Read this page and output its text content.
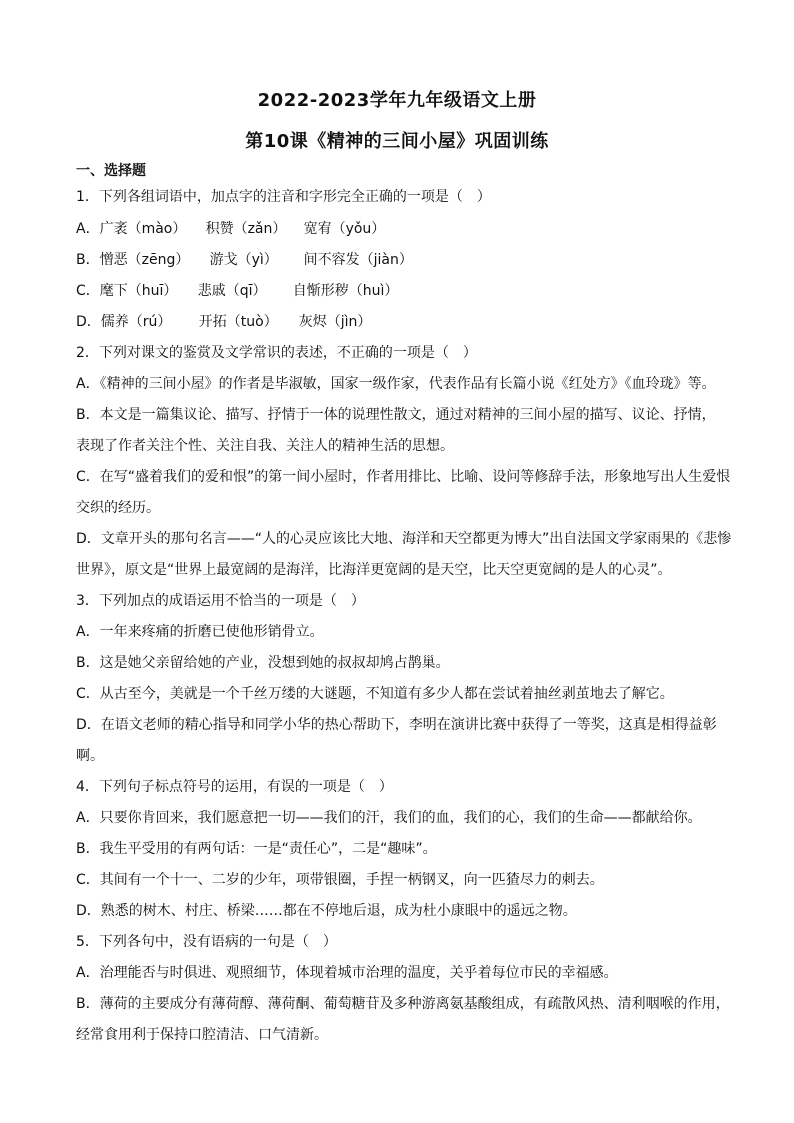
2022-2023学年九年级语文上册
第10课《精神的三间小屋》巩固训练
一、选择题
1．下列各组词语中，加点字的注音和字形完全正确的一项是（　）
A．广袤（mào） 积赞（zǎn） 宽宥（yǒu）
B．憎恶（zēng） 游戈（yì） 间不容发（jiàn）
C．麾下（huī） 悲戚（qī） 自惭形秽（huì）
D．儒养（rú） 开拓（tuò） 灰烬（jìn）
2．下列对课文的鉴赏及文学常识的表述，不正确的一项是（　）
A．《精神的三间小屋》的作者是毕淑敏，国家一级作家，代表作品有长篇小说《红处方》《血玲珑》等。
B．本文是一篇集议论、描写、抒情于一体的说理性散文，通过对精神的三间小屋的描写、议论、抒情，
表现了作者关注个性、关注自我、关注人的精神生活的思想。
C．在写“盛着我们的爱和恨”的第一间小屋时，作者用排比、比喻、设问等修辞手法，形象地写出人生爱恨
交织的经历。
D．文章开头的那句名言——“人的心灵应该比大地、海洋和天空都更为博大”出自法国文学家雨果的《悲惨
世界》，原文是“世界上最宽阔的是海洋，比海洋更宽阔的是天空，比天空更宽阔的是人的心灵”。
3．下列加点的成语运用不恰当的一项是（　）
A．一年来疼痛的折磨已使他形销骨立。
B．这是她父亲留给她的产业，没想到她的叔叔却鸠占鹊巢。
C．从古至今，美就是一个千丝万缕的大谜题，不知道有多少人都在尝试着抽丝剥茧地去了解它。
D．在语文老师的精心指导和同学小华的热心帮助下，李明在演讲比赛中获得了一等奖，这真是相得益彰
啊。
4．下列句子标点符号的运用，有误的一项是（　）
A．只要你肯回来，我们愿意把一切——我们的汗，我们的血，我们的心，我们的生命——都献给你。
B．我生平受用的有两句话：一是“责任心”，二是“趣味”。
C．其间有一个十一、二岁的少年，项带银圈，手捏一柄钢叉，向一匹猹尽力的刺去。
D．熟悉的树木、村庄、桥梁……都在不停地后退，成为杜小康眼中的遥远之物。
5．下列各句中，没有语病的一句是（　）
A．治理能否与时俱进、观照细节，体现着城市治理的温度，关乎着每位市民的幸福感。
B．薄荷的主要成分有薄荷醇、薄荷酮、葡萄糖苷及多种游离氨基酸组成，有疏散风热、清利咽喉的作用，
经常食用利于保持口腔清洁、口气清新。
